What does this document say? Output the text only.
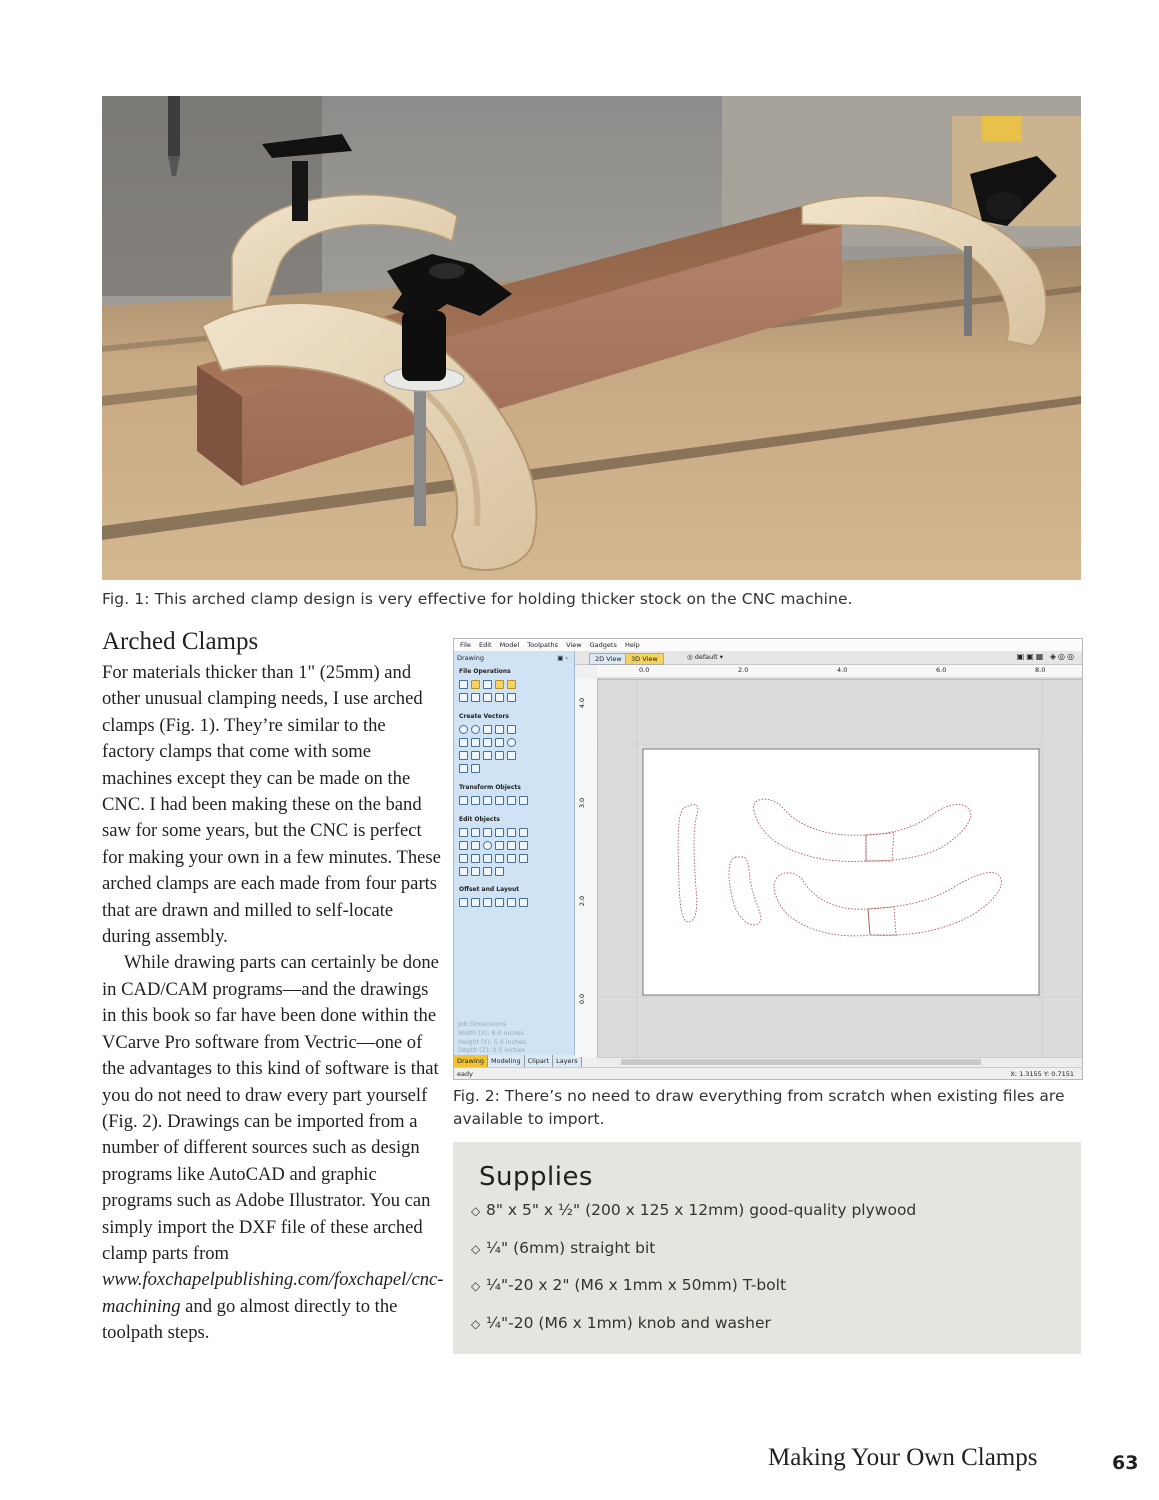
Fig. 1: This arched clamp design is very effective for holding thicker stock on the CNC machine.
Arched Clamps

For materials thicker than 1" (25mm) and other unusual clamping needs, I use arched clamps (Fig. 1). They’re similar to the factory clamps that come with some machines except they can be made on the CNC. I had been making these on the band saw for some years, but the CNC is perfect for making your own in a few minutes. These arched clamps are each made from four parts that are drawn and milled to self-locate during assembly.

While drawing parts can certainly be done in CAD/CAM programs—and the drawings in this book so far have been done within the VCarve Pro software from Vectric—one of the advantages to this kind of software is that you do not need to draw every part yourself (Fig. 2). Drawings can be imported from a number of different sources such as design programs like AutoCAD and graphic programs such as Adobe Illustrator. You can simply import the DXF file of these arched clamp parts from www.foxchapelpublishing.com/foxchapel/cnc-machining and go almost directly to the toolpath steps.

File Edit Model Toolpaths View Gadgets Help
Drawing	▣ ‹
File Operations
Create Vectors
Transform Objects
Edit Objects
Offset and Layout
Job Dimensions
Width (X): 8.0 inches
Height (Y): 5.0 inches
Depth (Z): 0.5 inches
Drawing	Modeling	Clipart	Layers
2D View	3D View	◎ default ▾	▣▣▦ ◈◎◎
0.0	2.0	4.0	6.0	8.0
4.0
3.0
2.0
0.0
eady	X: 1.3155 Y: 0.7151
Fig. 2: There’s no need to draw everything from scratch when existing files are available to import.
Supplies
◇ 8" x 5" x ½" (200 x 125 x 12mm) good-quality plywood
◇ ¼" (6mm) straight bit
◇ ¼"-20 x 2" (M6 x 1mm x 50mm) T-bolt
◇ ¼"-20 (M6 x 1mm) knob and washer
Making Your Own Clamps	63
